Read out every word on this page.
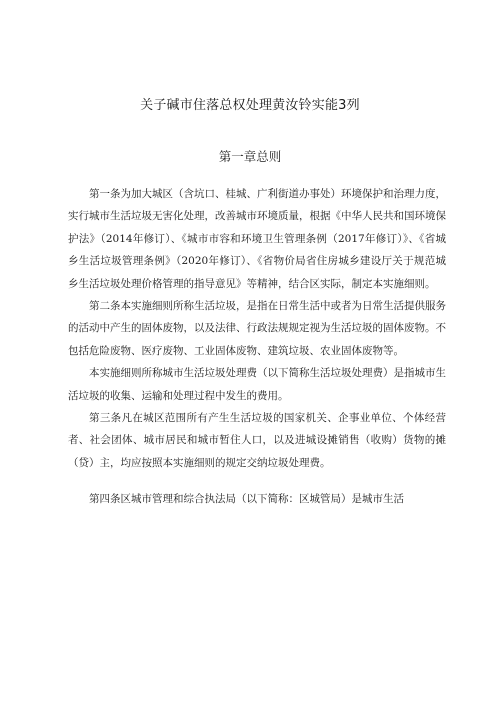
关子碱市住落总权处理黄汝铃实能3列
第一章总则

第一条为加大城区（含坑口、桂城、广利街道办事处）环境保护和治理力度，实行城市生活垃圾无害化处理，改善城市环境质量，根据《中华人民共和国环境保护法》（2014年修订）、《城市市容和环境卫生管理条例（2017年修订）》、《省城乡生活垃圾管理条例》（2020年修订）、《省物价局省住房城乡建设厅关于规范城乡生活垃圾处理价格管理的指导意见》等精神，结合区实际，制定本实施细则。

第二条本实施细则所称生活垃圾，是指在日常生活中或者为日常生活提供服务的活动中产生的固体废物，以及法律、行政法规规定视为生活垃圾的固体废物。不包括危险废物、医疗废物、工业固体废物、建筑垃圾、农业固体废物等。

本实施细则所称城市生活垃圾处理费（以下简称生活垃圾处理费）是指城市生活垃圾的收集、运输和处理过程中发生的费用。

第三条凡在城区范围所有产生生活垃圾的国家机关、企事业单位、个体经营者、社会团体、城市居民和城市暂住人口，以及进城设摊销售（收购）货物的摊（贷）主，均应按照本实施细则的规定交纳垃圾处理费。

第四条区城市管理和综合执法局（以下简称：区城管局）是城市生活
